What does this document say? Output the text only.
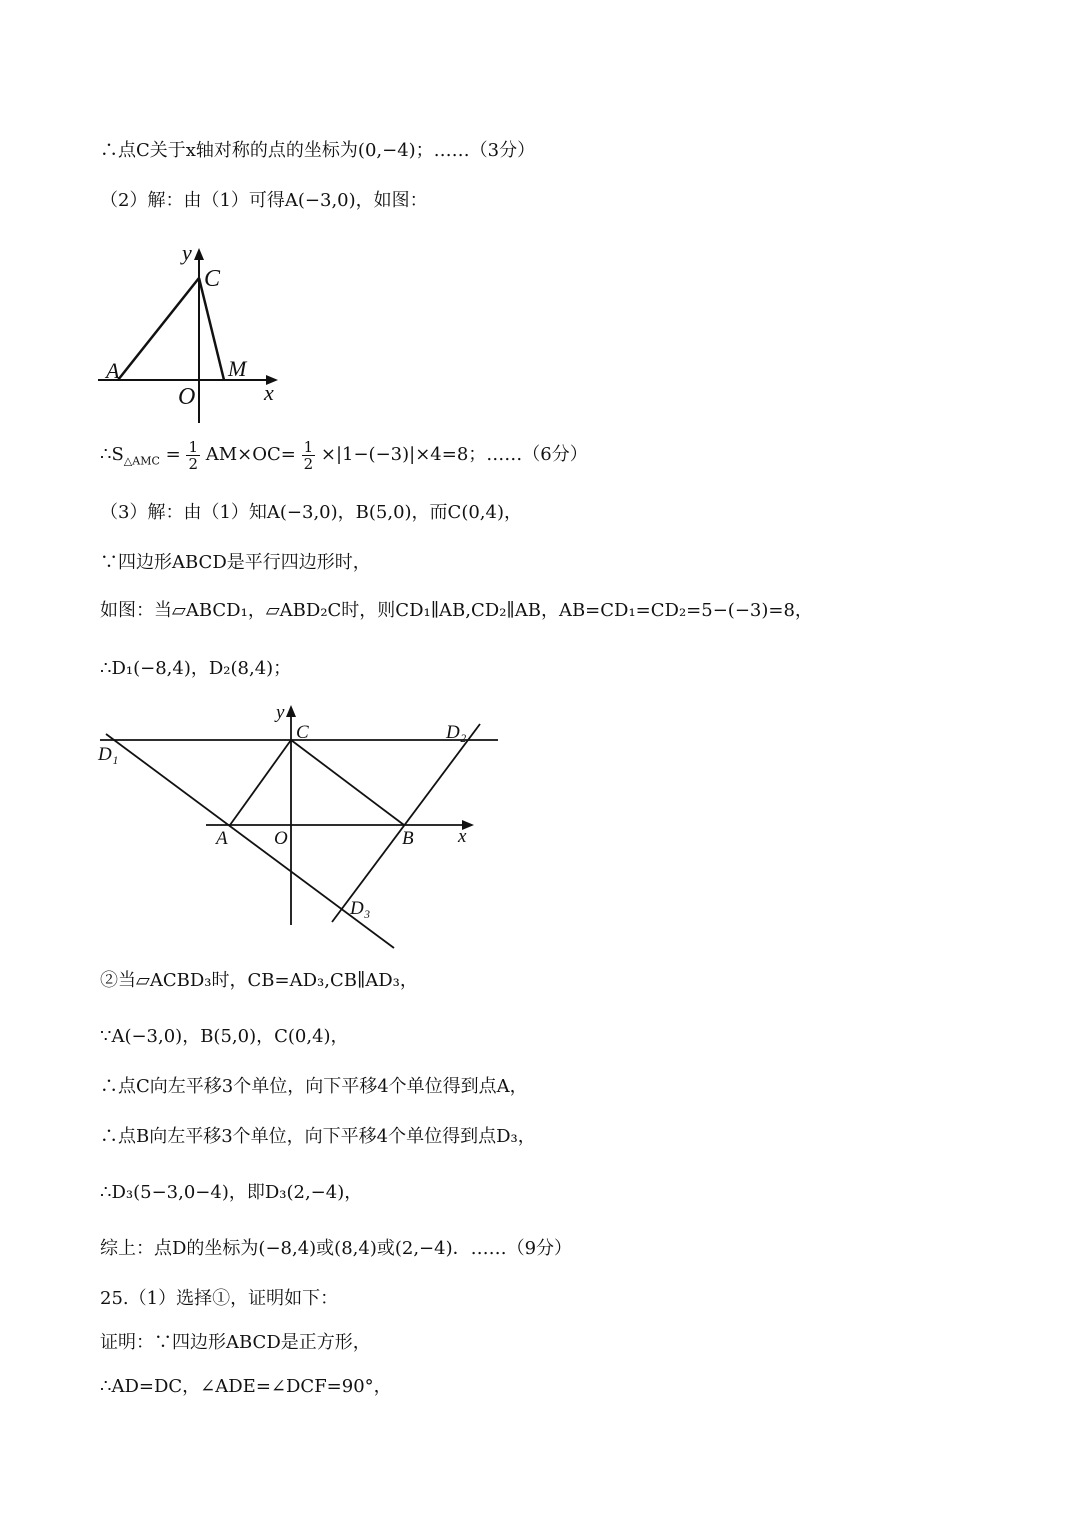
∴点C关于x轴对称的点的坐标为(0,−4)；……（3分）
（2）解：由（1）可得A(−3,0)，如图：
y
C
A	M
O	x
$\therefore S_{\triangle AMC} = \frac{1}{2} AM\times OC= \frac{1}{2} \times|1-(-3)|\times 4=8$；……（6分）
（3）解：由（1）知A(−3,0)，B(5,0)，而C(0,4)，
∵四边形ABCD是平行四边形时，
如图：当▱ABCD₁，▱ABD₂C时，则CD₁∥AB,CD₂∥AB，AB=CD₁=CD₂=5−(−3)=8，
∴D₁(−8,4)，D₂(8,4)；
y
C	D₂
D₁
A O	B x
D₃
②当▱ACBD₃时，CB=AD₃,CB∥AD₃，
∵A(−3,0)，B(5,0)，C(0,4)，
∴点C向左平移3个单位，向下平移4个单位得到点A，
∴点B向左平移3个单位，向下平移4个单位得到点D₃，
∴D₃(5−3,0−4)，即D₃(2,−4)，
综上：点D的坐标为(−8,4)或(8,4)或(2,−4)．……（9分）
25.（1）选择①，证明如下：
证明：∵四边形ABCD是正方形，
∴AD=DC，∠ADE=∠DCF=90°，
